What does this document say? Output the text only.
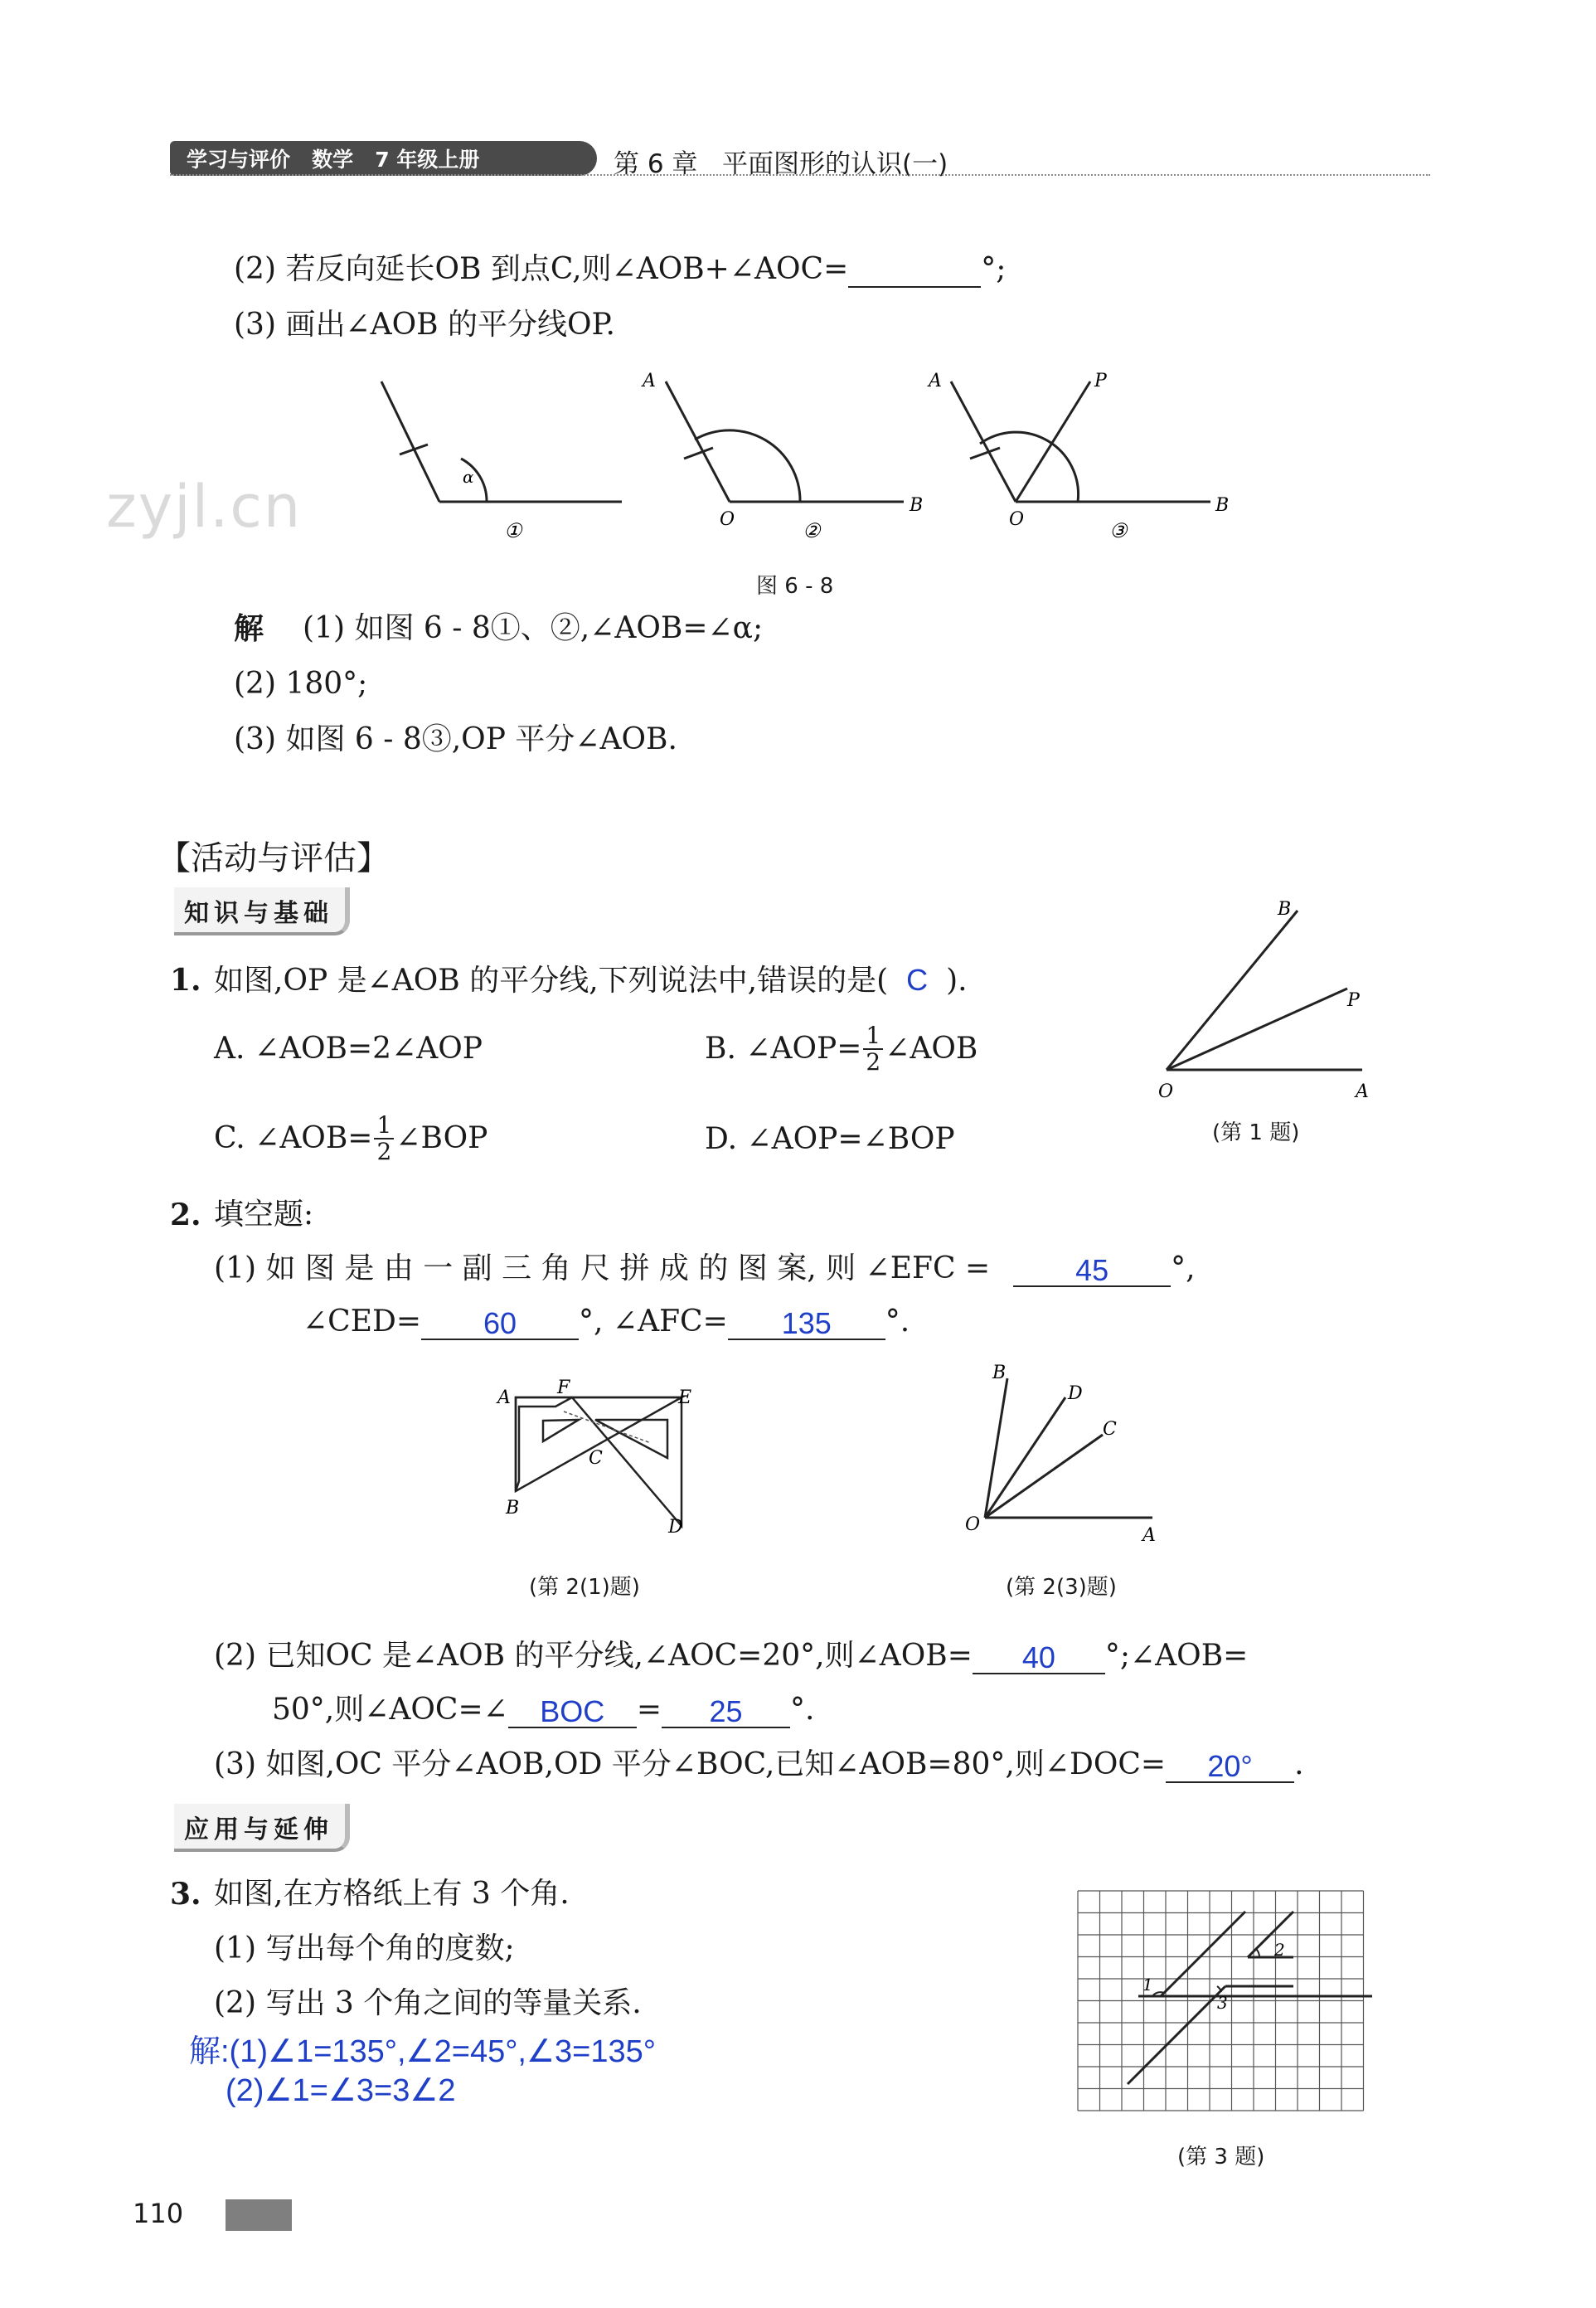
学习与评价   数学   7 年级上册	第 6 章   平面图形的认识(一)
(2) 若反向延长OB 到点C,则∠AOB+∠AOC=	°;
(3) 画出∠AOB 的平分线OP.
α
①
A
O
B
②
A	P
O
B
③
图 6 - 8
zyjl.cn
解 (1) 如图 6 - 8①、②,∠AOB=∠α;
(2) 180°;
(3) 如图 6 - 8③,OP 平分∠AOB.
【活动与评估】
知识与基础
1. 如图,OP 是∠AOB 的平分线,下列说法中,错误的是( C ).
A. ∠AOB=2∠AOP	B. ∠AOP= $\frac{1}{2}$ ∠AOB
C. ∠AOB= $\frac{1}{2}$ ∠BOP	D. ∠AOP=∠BOP
B
P
O	A
(第 1 题)
2. 填空题:
(1) 如 图 是 由 一 副 三 角 尺 拼 成 的 图 案, 则 ∠EFC =	45 °,
∠CED= 60 °, ∠AFC= 135 °.
A	F	E
C
B
D
(第 2(1)题)
B
D
C
O
A
(第 2(3)题)
(2) 已知OC 是∠AOB 的平分线,∠AOC=20°,则∠AOB= 40 °;∠AOB=
50°,则∠AOC=∠ BOC = 25 °.
(3) 如图,OC 平分∠AOB,OD 平分∠BOC,已知∠AOB=80°,则∠DOC= 20° .
应用与延伸
3. 如图,在方格纸上有 3 个角.
(1) 写出每个角的度数;
(2) 写出 3 个角之间的等量关系.
解:(1)∠1=135°,∠2=45°,∠3=135°
(2)∠1=∠3=3∠2
1
2
3
(第 3 题)
110
